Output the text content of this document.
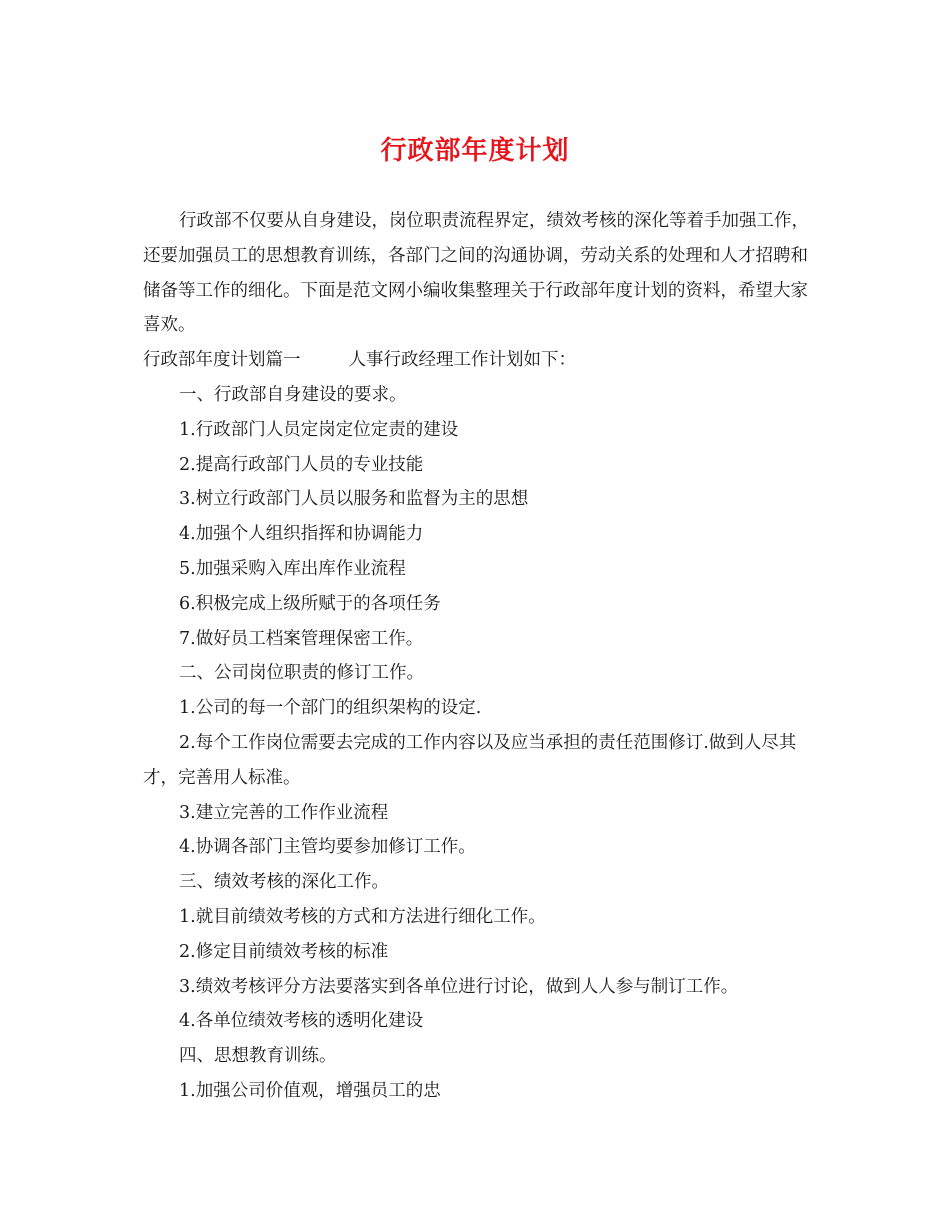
行政部年度计划

行政部不仅要从自身建设，岗位职责流程界定，绩效考核的深化等着手加强工作，还要加强员工的思想教育训练，各部门之间的沟通协调，劳动关系的处理和人才招聘和储备等工作的细化。下面是范文网小编收集整理关于行政部年度计划的资料，希望大家喜欢。

行政部年度计划篇一	人事行政经理工作计划如下：

一、行政部自身建设的要求。

1.行政部门人员定岗定位定责的建设

2.提高行政部门人员的专业技能

3.树立行政部门人员以服务和监督为主的思想

4.加强个人组织指挥和协调能力

5.加强采购入库出库作业流程

6.积极完成上级所赋于的各项任务

7.做好员工档案管理保密工作。

二、公司岗位职责的修订工作。

1.公司的每一个部门的组织架构的设定.

2.每个工作岗位需要去完成的工作内容以及应当承担的责任范围修订.做到人尽其才，完善用人标准。

3.建立完善的工作作业流程

4.协调各部门主管均要参加修订工作。

三、绩效考核的深化工作。

1.就目前绩效考核的方式和方法进行细化工作。

2.修定目前绩效考核的标准

3.绩效考核评分方法要落实到各单位进行讨论，做到人人参与制订工作。

4.各单位绩效考核的透明化建设

四、思想教育训练。

1.加强公司价值观，增强员工的忠
